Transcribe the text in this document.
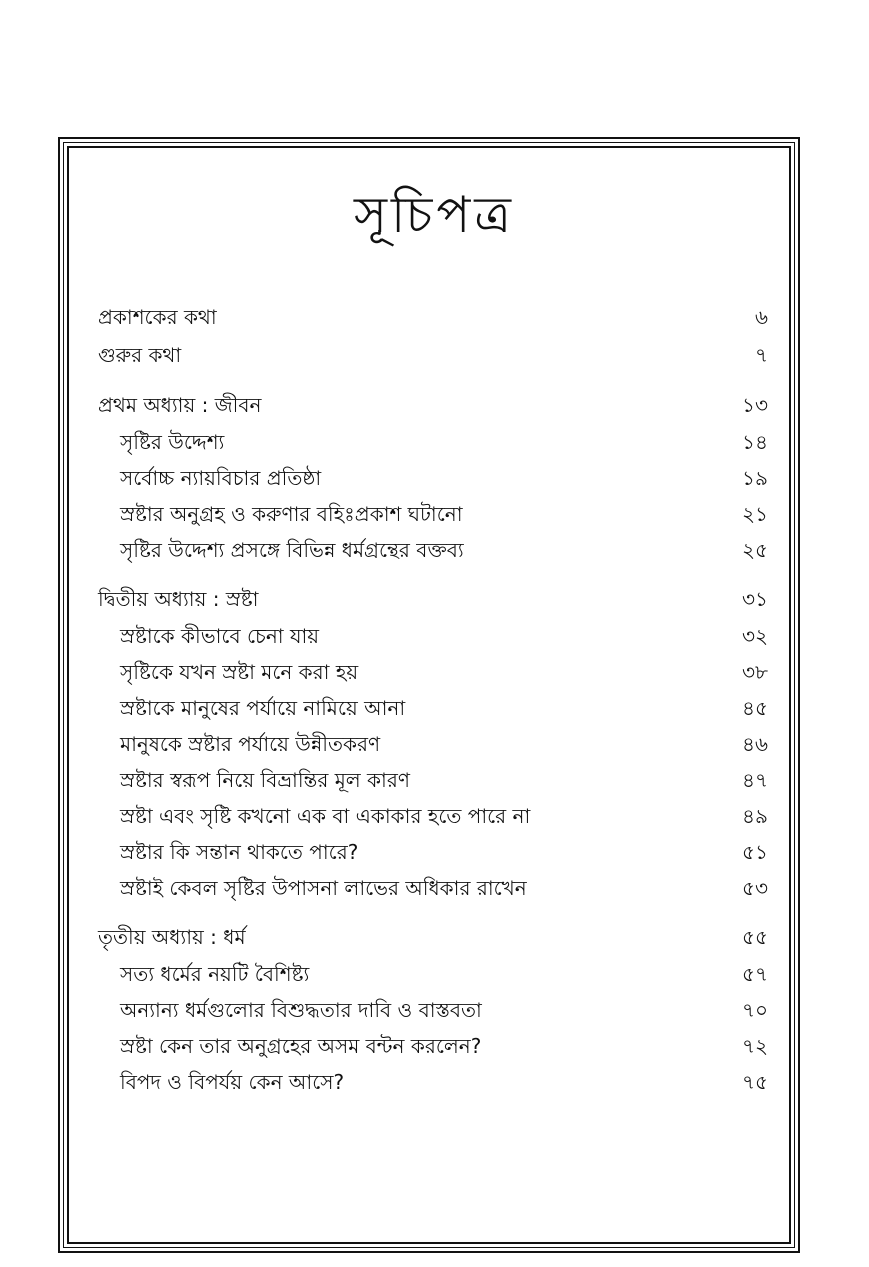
সূচিপত্র
প্রকাশকের কথা	৬
গুরুর কথা	৭
প্রথম অধ্যায় : জীবন	১৩
সৃষ্টির উদ্দেশ্য	১৪
সর্বোচ্চ ন্যায়বিচার প্রতিষ্ঠা	১৯
স্রষ্টার অনুগ্রহ ও করুণার বহিঃপ্রকাশ ঘটানো	২১
সৃষ্টির উদ্দেশ্য প্রসঙ্গে বিভিন্ন ধর্মগ্রন্থের বক্তব্য	২৫
দ্বিতীয় অধ্যায় : স্রষ্টা	৩১
স্রষ্টাকে কীভাবে চেনা যায়	৩২
সৃষ্টিকে যখন স্রষ্টা মনে করা হয়	৩৮
স্রষ্টাকে মানুষের পর্যায়ে নামিয়ে আনা	৪৫
মানুষকে স্রষ্টার পর্যায়ে উন্নীতকরণ	৪৬
স্রষ্টার স্বরূপ নিয়ে বিভ্রান্তির মূল কারণ	৪৭
স্রষ্টা এবং সৃষ্টি কখনো এক বা একাকার হতে পারে না	৪৯
স্রষ্টার কি সন্তান থাকতে পারে?	৫১
স্রষ্টাই কেবল সৃষ্টির উপাসনা লাভের অধিকার রাখেন	৫৩
তৃতীয় অধ্যায় : ধর্ম	৫৫
সত্য ধর্মের নয়টি বৈশিষ্ট্য	৫৭
অন্যান্য ধর্মগুলোর বিশুদ্ধতার দাবি ও বাস্তবতা	৭০
স্রষ্টা কেন তার অনুগ্রহের অসম বন্টন করলেন?	৭২
বিপদ ও বিপর্যয় কেন আসে?	৭৫
